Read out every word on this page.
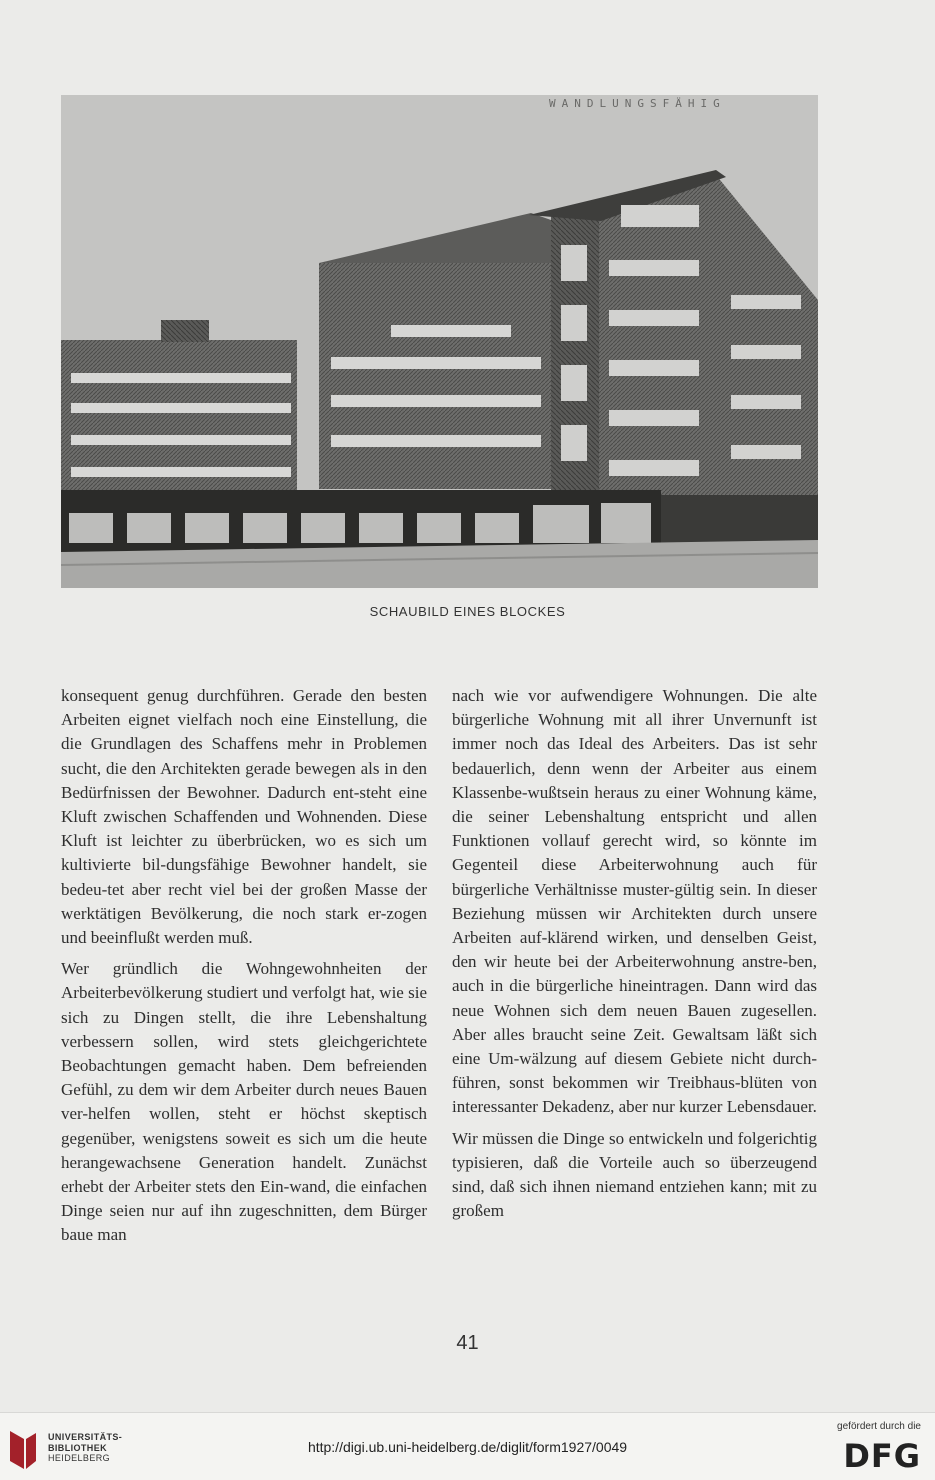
WANDLUNGSFÄHIG
SCHAUBILD EINES BLOCKES

konsequent genug durchführen. Gerade den besten Arbeiten eignet vielfach noch eine Einstellung, die die Grundlagen des Schaffens mehr in Problemen sucht, die den Architekten gerade bewegen als in den Bedürfnissen der Bewohner. Dadurch ent-steht eine Kluft zwischen Schaffenden und Wohnenden. Diese Kluft ist leichter zu überbrücken, wo es sich um kultivierte bil-dungsfähige Bewohner handelt, sie bedeu-tet aber recht viel bei der großen Masse der werktätigen Bevölkerung, die noch stark er-zogen und beeinflußt werden muß.

Wer gründlich die Wohngewohnheiten der Arbeiterbevölkerung studiert und verfolgt hat, wie sie sich zu Dingen stellt, die ihre Lebenshaltung verbessern sollen, wird stets gleichgerichtete Beobachtungen gemacht haben. Dem befreienden Gefühl, zu dem wir dem Arbeiter durch neues Bauen ver-helfen wollen, steht er höchst skeptisch gegenüber, wenigstens soweit es sich um die heute herangewachsene Generation handelt. Zunächst erhebt der Arbeiter stets den Ein-wand, die einfachen Dinge seien nur auf ihn zugeschnitten, dem Bürger baue man

nach wie vor aufwendigere Wohnungen. Die alte bürgerliche Wohnung mit all ihrer Unvernunft ist immer noch das Ideal des Arbeiters. Das ist sehr bedauerlich, denn wenn der Arbeiter aus einem Klassenbe-wußtsein heraus zu einer Wohnung käme, die seiner Lebenshaltung entspricht und allen Funktionen vollauf gerecht wird, so könnte im Gegenteil diese Arbeiterwohnung auch für bürgerliche Verhältnisse muster-gültig sein. In dieser Beziehung müssen wir Architekten durch unsere Arbeiten auf-klärend wirken, und denselben Geist, den wir heute bei der Arbeiterwohnung anstre-ben, auch in die bürgerliche hineintragen. Dann wird das neue Wohnen sich dem neuen Bauen zugesellen. Aber alles braucht seine Zeit. Gewaltsam läßt sich eine Um-wälzung auf diesem Gebiete nicht durch-führen, sonst bekommen wir Treibhaus-blüten von interessanter Dekadenz, aber nur kurzer Lebensdauer.

Wir müssen die Dinge so entwickeln und folgerichtig typisieren, daß die Vorteile auch so überzeugend sind, daß sich ihnen niemand entziehen kann; mit zu großem

41
UNIVERSITÄTS-
BIBLIOTHEK
HEIDELBERG
http://digi.ub.uni-heidelberg.de/diglit/form1927/0049
gefördert durch die
DFG
